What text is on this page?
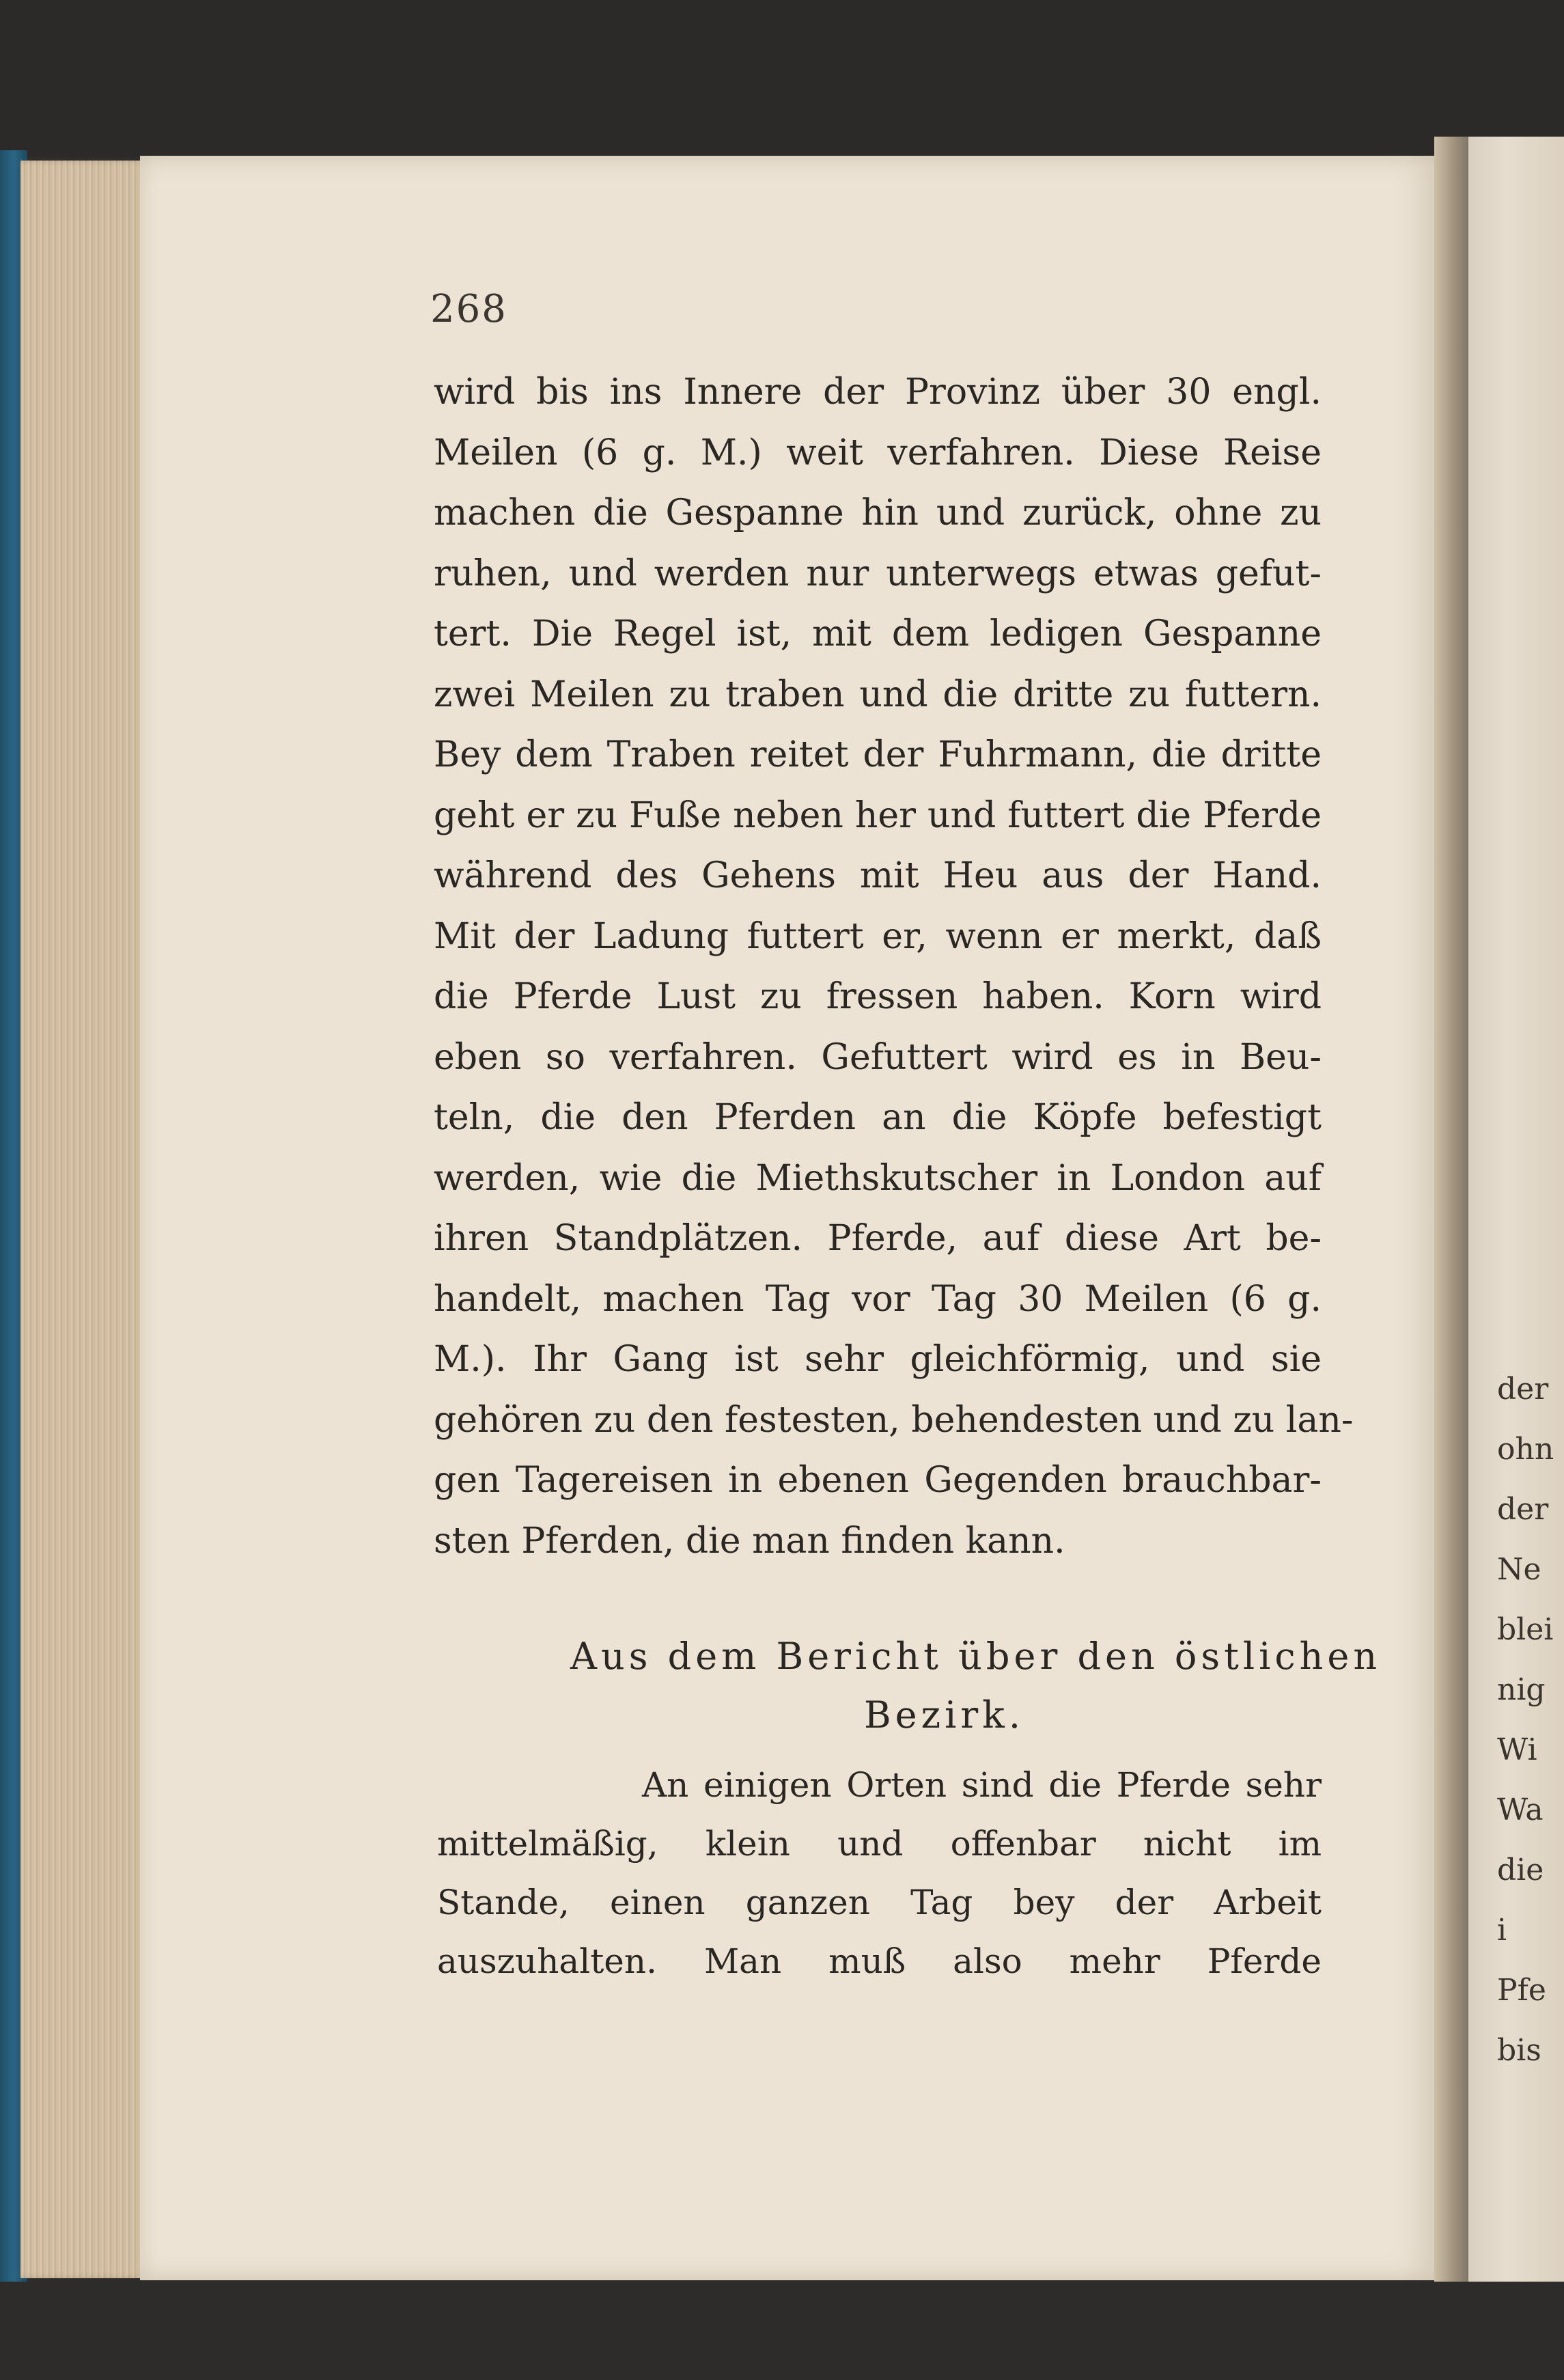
der
ohn
der
Ne
blei
nig
Wi
Wa
die
i
Pfe
bis
268
wird bis ins Innere der Provinz über 30 engl.
Meilen (6 g. M.) weit verfahren. Diese Reise
machen die Gespanne hin und zurück, ohne zu
ruhen, und werden nur unterwegs etwas gefut-
tert. Die Regel ist, mit dem ledigen Gespanne
zwei Meilen zu traben und die dritte zu futtern.
Bey dem Traben reitet der Fuhrmann, die dritte
geht er zu Fuße neben her und futtert die Pferde
während des Gehens mit Heu aus der Hand.
Mit der Ladung futtert er, wenn er merkt, daß
die Pferde Lust zu fressen haben. Korn wird
eben so verfahren. Gefuttert wird es in Beu-
teln, die den Pferden an die Köpfe befestigt
werden, wie die Miethskutscher in London auf
ihren Standplätzen. Pferde, auf diese Art be-
handelt, machen Tag vor Tag 30 Meilen (6 g.
M.). Ihr Gang ist sehr gleichförmig, und sie
gehören zu den festesten, behendesten und zu lan-
gen Tagereisen in ebenen Gegenden brauchbar-
sten Pferden, die man finden kann.
Aus dem Bericht über den östlichen
Bezirk.
An einigen Orten sind die Pferde sehr
mittelmäßig, klein und offenbar nicht im
Stande, einen ganzen Tag bey der Arbeit
auszuhalten. Man muß also mehr Pferde
